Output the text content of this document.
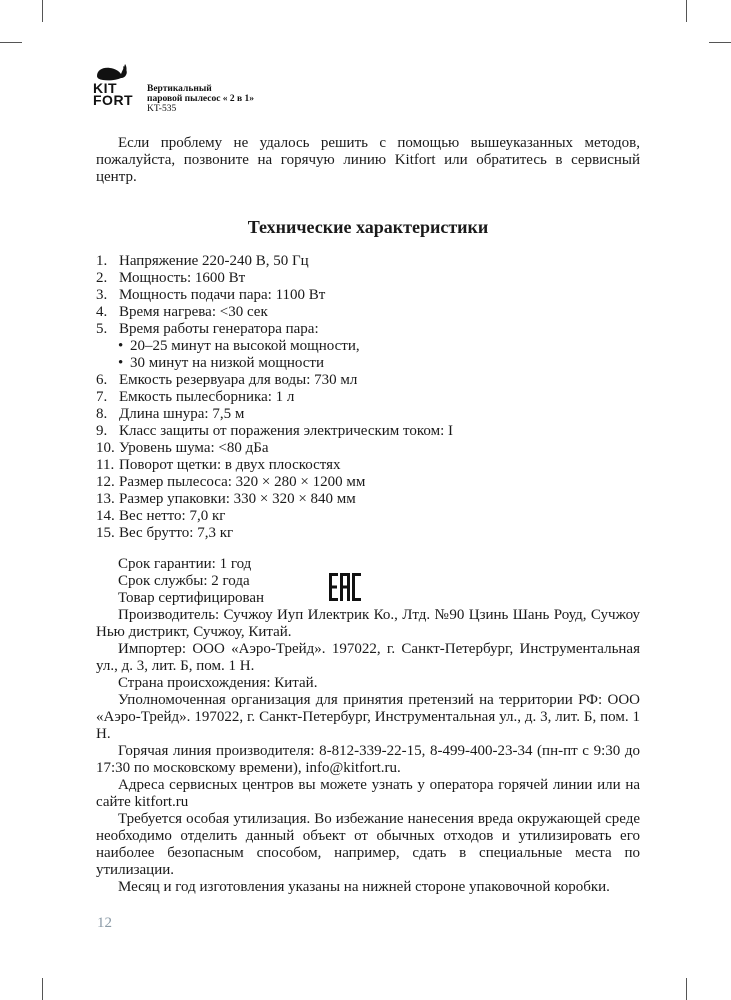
KIT
FORT
Вертикальный
паровой пылесос « 2 в 1»
KT-535

Если проблему не удалось решить с помощью вышеуказанных методов, пожалуйста, позвоните на горячую линию Kitfort или обратитесь в сервисный центр.

Технические характеристики
1. Напряжение 220-240 В, 50 Гц
2. Мощность: 1600 Вт
3. Мощность подачи пара: 1100 Вт
4. Время нагрева: <30 сек
5. Время работы генератора пара:
• 20–25 минут на высокой мощности,
• 30 минут на низкой мощности
6. Емкость резервуара для воды: 730 мл
7. Емкость пылесборника: 1 л
8. Длина шнура: 7,5 м
9. Класс защиты от поражения электрическим током: I
10. Уровень шума: <80 дБа
11. Поворот щетки: в двух плоскостях
12. Размер пылесоса: 320 × 280 × 1200 мм
13. Размер упаковки: 330 × 320 × 840 мм
14. Вес нетто: 7,0 кг
15. Вес брутто: 7,3 кг

Срок гарантии: 1 год

Срок службы: 2 года

Товар сертифицирован

Производитель: Сучжоу Иуп Илектрик Ко., Лтд. №90 Цзинь Шань Роуд, Сучжоу Нью дистрикт, Сучжоу, Китай.

Импортер: ООО «Аэро-Трейд». 197022, г. Санкт-Петербург, Инструментальная ул., д. 3, лит. Б, пом. 1 Н.

Страна происхождения: Китай.

Уполномоченная организация для принятия претензий на территории РФ: ООО «Аэро-Трейд». 197022, г. Санкт-Петербург, Инструментальная ул., д. 3, лит. Б, пом. 1 Н.

Горячая линия производителя: 8-812-339-22-15, 8-499-400-23-34 (пн-пт с 9:30 до 17:30 по московскому времени), info@kitfort.ru.

Адреса сервисных центров вы можете узнать у оператора горячей линии или на сайте kitfort.ru

Требуется особая утилизация. Во избежание нанесения вреда окружающей среде необходимо отделить данный объект от обычных отходов и утилизировать его наиболее безопасным способом, например, сдать в специальные места по утилизации.

Месяц и год изготовления указаны на нижней стороне упаковочной коробки.

12
